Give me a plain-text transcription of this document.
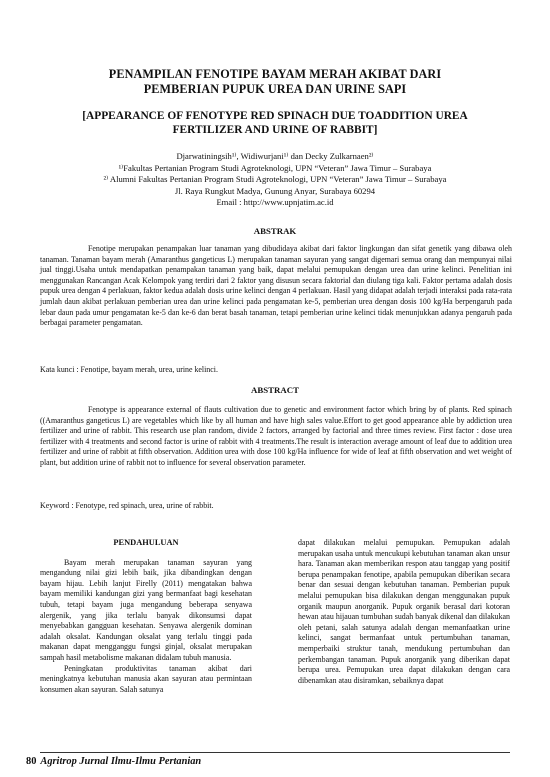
PENAMPILAN FENOTIPE BAYAM MERAH AKIBAT DARI
PEMBERIAN PUPUK UREA DAN URINE SAPI
[APPEARANCE OF FENOTYPE RED SPINACH DUE TOADDITION UREA
FERTILIZER AND URINE OF RABBIT]
Djarwatiningsih¹⁾, Widiwurjani¹⁾ dan Decky Zulkarnaen²⁾
¹⁾Fakultas Pertanian Program Studi Agroteknologi, UPN “Veteran” Jawa Timur – Surabaya
²⁾ Alumni Fakultas Pertanian Program Studi Agroteknologi, UPN “Veteran” Jawa Timur – Surabaya
Jl. Raya Rungkut Madya, Gunung Anyar, Surabaya 60294
Email : http://www.upnjatim.ac.id
ABSTRAK
Fenotipe merupakan penampakan luar tanaman yang dibudidaya akibat dari faktor lingkungan dan sifat genetik yang dibawa oleh tanaman. Tanaman bayam merah (Amaranthus gangeticus L) merupakan tanaman sayuran yang sangat digemari semua orang dan mempunyai nilai jual tinggi.Usaha untuk mendapatkan penampakan tanaman yang baik, dapat melalui pemupukan dengan urea dan urine kelinci. Penelitian ini menggunakan Rancangan Acak Kelompok yang terdiri dari 2 faktor yang disusun secara faktorial dan diulang tiga kali. Faktor pertama adalah dosis pupuk urea dengan 4 perlakuan, faktor kedua adalah dosis urine kelinci dengan 4 perlakuan. Hasil yang didapat adalah terjadi interaksi pada rata-rata jumlah daun akibat perlakuan pemberian urea dan urine kelinci pada pengamatan ke-5, pemberian urea dengan dosis 100 kg/Ha berpengaruh pada lebar daun pada umur pengamatan ke-5 dan ke-6 dan berat basah tanaman, tetapi pemberian urine kelinci tidak menunjukkan adanya pengaruh pada berbagai parameter pengamatan.
Kata kunci : Fenotipe, bayam merah, urea, urine kelinci.
ABSTRACT
Fenotype is appearance external of flauts cultivation due to genetic and environment factor which bring by of plants. Red spinach ((Amaranthus gangeticus L) are vegetables which like by all human and have high sales value.Effort to get good appearance able by addiction urea fertilizer and urine of rabbit. This research use plan random, divide 2 factors, arranged by factorial and three times review. First factor : dose urea fertilizer with 4 treatments and second factor is urine of rabbit with 4 treatments.The result is interaction average amount of leaf due to addition urea fertilizer and urine of rabbit at fifth observation. Addition urea with dose 100 kg/Ha influence for wide of leaf at fifth observation and wet weight of plant, but addition urine of rabbit not to influence for several observation parameter.
Keyword : Fenotype, red spinach, urea, urine of rabbit.

PENDAHULUAN

Bayam merah merupakan tanaman sayuran yang mengandung nilai gizi lebih baik, jika dibandingkan dengan bayam hijau. Lebih lanjut Firelly (2011) mengatakan bahwa bayam memiliki kandungan gizi yang bermanfaat bagi kesehatan tubuh, tetapi bayam juga mengandung beberapa senyawa alergenik, yang jika terlalu banyak dikonsumsi dapat menyebabkan gangguan kesehatan. Senyawa alergenik dominan adalah oksalat. Kandungan oksalat yang terlalu tinggi pada makanan dapat mengganggu fungsi ginjal, oksalat merupakan sampah hasil metabolisme makanan didalam tubuh manusia.

Peningkatan produktivitas tanaman akibat dari meningkatnya kebutuhan manusia akan sayuran atau permintaan konsumen akan sayuran. Salah satunya

dapat dilakukan melalui pemupukan. Pemupukan adalah merupakan usaha untuk mencukupi kebutuhan tanaman akan unsur hara. Tanaman akan memberikan respon atau tanggap yang positif berupa penampakan fenotipe, apabila pemupukan diberikan secara benar dan sesuai dengan kebutuhan tanaman. Pemberian pupuk melalui pemupukan bisa dilakukan dengan menggunakan pupuk organik maupun anorganik. Pupuk organik berasal dari kotoran hewan atau hijauan tumbuhan sudah banyak dikenal dan dilakukan oleh petani, salah satunya adalah dengan memanfaatkan urine kelinci, sangat bermanfaat untuk pertumbuhan tanaman, memperbaiki struktur tanah, mendukung pertumbuhan dan perkembangan tanaman. Pupuk anorganik yang diberikan dapat berupa urea. Pemupukan urea dapat dilakukan dengan cara dibenamkan atau disiramkan, sebaiknya dapat

80 Agritrop Jurnal Ilmu-Ilmu Pertanian
